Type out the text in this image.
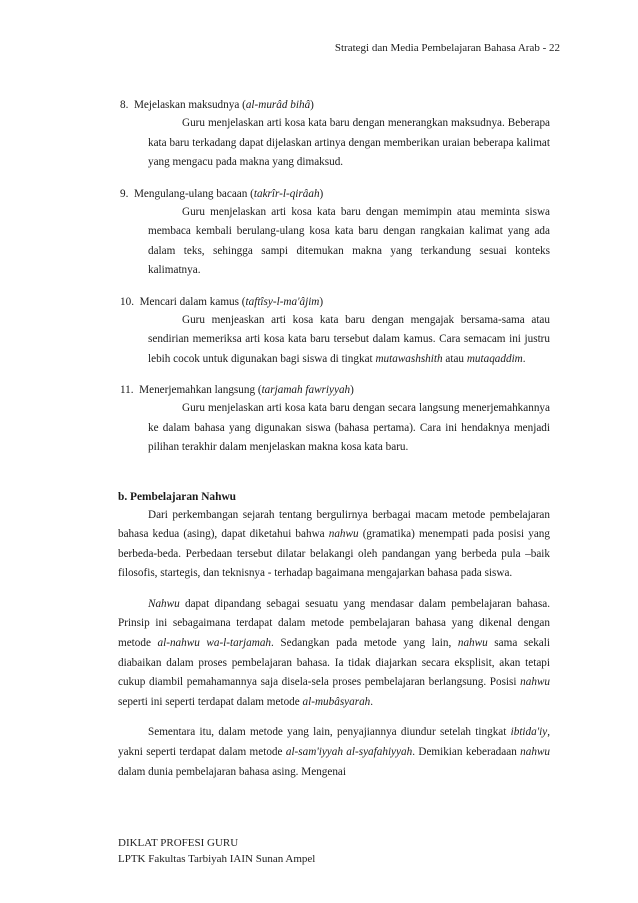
Strategi dan Media Pembelajaran Bahasa Arab - 22
8. Mejelaskan maksudnya (al-murâd bihâ)
Guru menjelaskan arti kosa kata baru dengan menerangkan maksudnya. Beberapa kata baru terkadang dapat dijelaskan artinya dengan memberikan uraian beberapa kalimat yang mengacu pada makna yang dimaksud.
9. Mengulang-ulang bacaan (takrîr-l-qirâah)
Guru menjelaskan arti kosa kata baru dengan memimpin atau meminta siswa membaca kembali berulang-ulang kosa kata baru dengan rangkaian kalimat yang ada dalam teks, sehingga sampi ditemukan makna yang terkandung sesuai konteks kalimatnya.
10. Mencari dalam kamus (taftîsy-l-ma'âjim)
Guru menjeaskan arti kosa kata baru dengan mengajak bersama-sama atau sendirian memeriksa arti kosa kata baru tersebut dalam kamus. Cara semacam ini justru lebih cocok untuk digunakan bagi siswa di tingkat mutawashshith atau mutaqaddim.
11. Menerjemahkan langsung (tarjamah fawriyyah)
Guru menjelaskan arti kosa kata baru dengan secara langsung menerjemahkannya ke dalam bahasa yang digunakan siswa (bahasa pertama). Cara ini hendaknya menjadi pilihan terakhir dalam menjelaskan makna kosa kata baru.
b. Pembelajaran Nahwu

Dari perkembangan sejarah tentang bergulirnya berbagai macam metode pembelajaran bahasa kedua (asing), dapat diketahui bahwa nahwu (gramatika) menempati pada posisi yang berbeda-beda. Perbedaan tersebut dilatar belakangi oleh pandangan yang berbeda pula –baik filosofis, startegis, dan teknisnya - terhadap bagaimana mengajarkan bahasa pada siswa.

Nahwu dapat dipandang sebagai sesuatu yang mendasar dalam pembelajaran bahasa. Prinsip ini sebagaimana terdapat dalam metode pembelajaran bahasa yang dikenal dengan metode al-nahwu wa-l-tarjamah. Sedangkan pada metode yang lain, nahwu sama sekali diabaikan dalam proses pembelajaran bahasa. Ia tidak diajarkan secara eksplisit, akan tetapi cukup diambil pemahamannya saja disela-sela proses pembelajaran berlangsung. Posisi nahwu seperti ini seperti terdapat dalam metode al-mubâsyarah.

Sementara itu, dalam metode yang lain, penyajiannya diundur setelah tingkat ibtida'iy, yakni seperti terdapat dalam metode al-sam'iyyah al-syafahiyyah. Demikian keberadaan nahwu dalam dunia pembelajaran bahasa asing. Mengenai

DIKLAT PROFESI GURU
LPTK Fakultas Tarbiyah IAIN Sunan Ampel
